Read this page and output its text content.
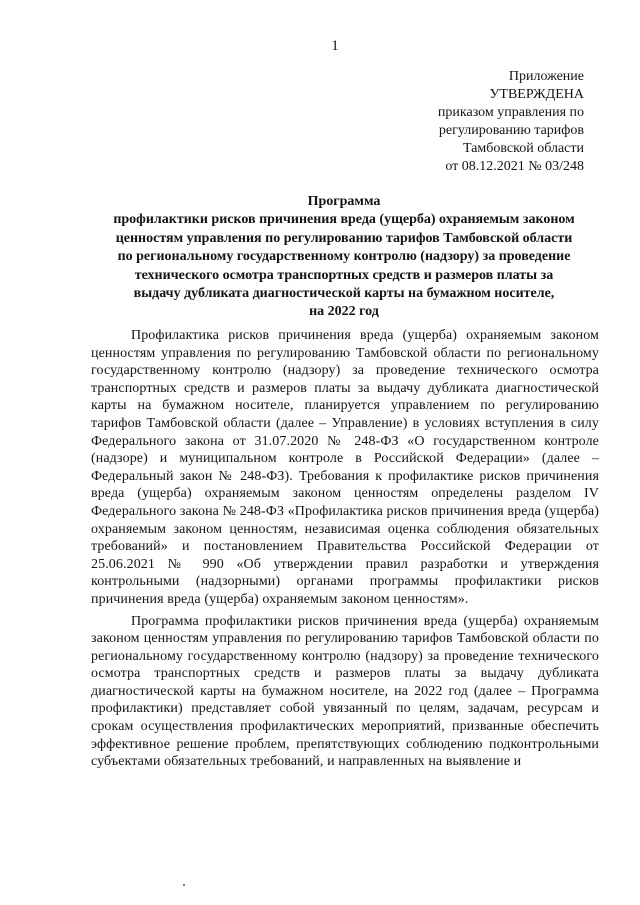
1
Приложение
УТВЕРЖДЕНА
приказом управления по
регулированию тарифов
Тамбовской области
от 08.12.2021 № 03/248
Программа
профилактики рисков причинения вреда (ущерба) охраняемым законом
ценностям управления по регулированию тарифов Тамбовской области
по региональному государственному контролю (надзору) за проведение
технического осмотра транспортных средств и размеров платы за
выдачу дубликата диагностической карты на бумажном носителе,
на 2022 год

Профилактика рисков причинения вреда (ущерба) охраняемым законом ценностям управления по регулированию Тамбовской области по региональному государственному контролю (надзору) за проведение технического осмотра транспортных средств и размеров платы за выдачу дубликата диагностической карты на бумажном носителе, планируется управлением по регулированию тарифов Тамбовской области (далее – Управление) в условиях вступления в силу Федерального закона от 31.07.2020 № 248-ФЗ «О государственном контроле (надзоре) и муниципальном контроле в Российской Федерации» (далее – Федеральный закон № 248-ФЗ). Требования к профилактике рисков причинения вреда (ущерба) охраняемым законом ценностям определены разделом IV Федерального закона № 248-ФЗ «Профилактика рисков причинения вреда (ущерба) охраняемым законом ценностям, независимая оценка соблюдения обязательных требований» и постановлением Правительства Российской Федерации от 25.06.2021 № 990 «Об утверждении правил разработки и утверждения контрольными (надзорными) органами программы профилактики рисков причинения вреда (ущерба) охраняемым законом ценностям».

Программа профилактики рисков причинения вреда (ущерба) охраняемым законом ценностям управления по регулированию тарифов Тамбовской области по региональному государственному контролю (надзору) за проведение технического осмотра транспортных средств и размеров платы за выдачу дубликата диагностической карты на бумажном носителе, на 2022 год (далее – Программа профилактики) представляет собой увязанный по целям, задачам, ресурсам и срокам осуществления профилактических мероприятий, призванные обеспечить эффективное решение проблем, препятствующих соблюдению подконтрольными субъектами обязательных требований, и направленных на выявление и
